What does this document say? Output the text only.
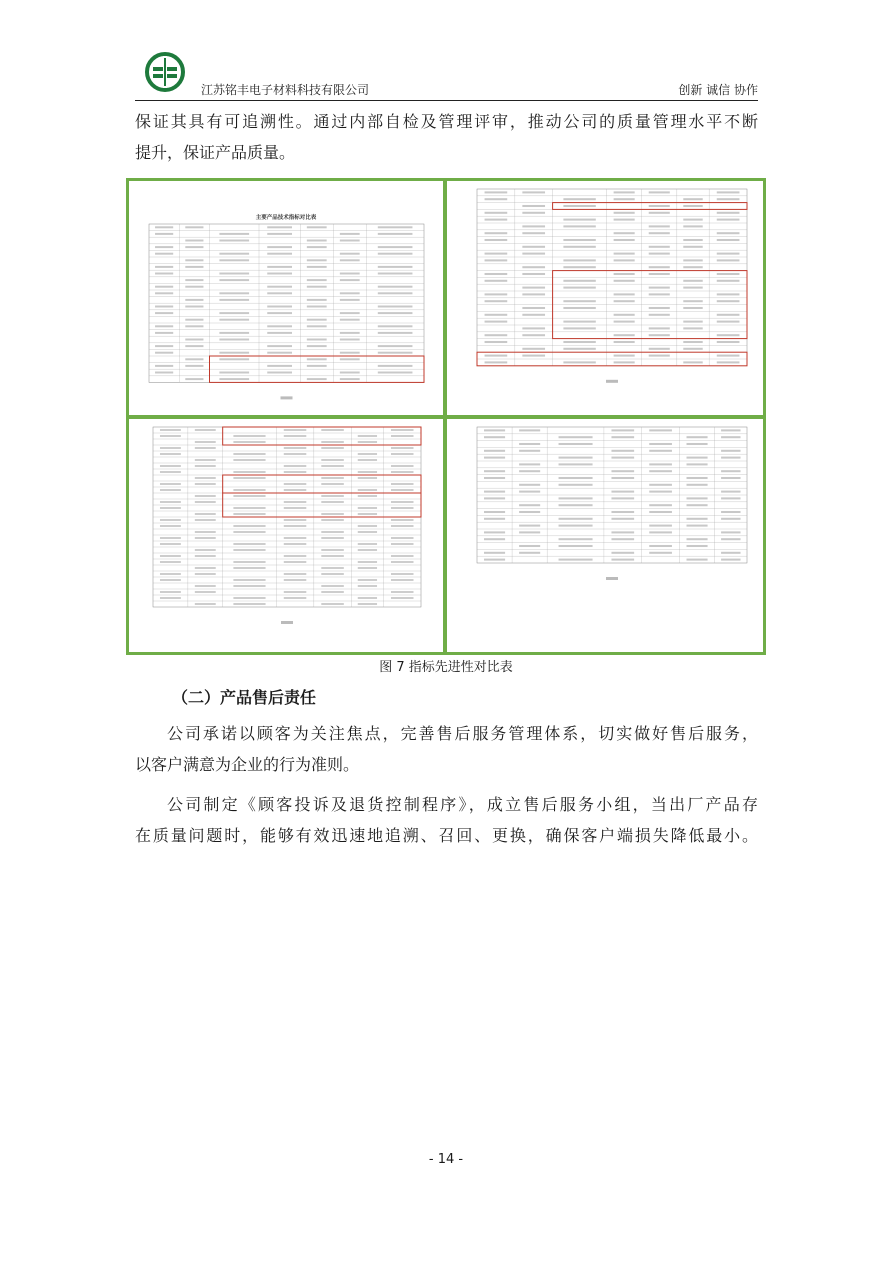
江苏铭丰电子材料科技有限公司	创新 诚信 协作

保证其具有可追溯性。通过内部自检及管理评审，推动公司的质量管理水平不断

提升，保证产品质量。

主要产品技术指标对比表
图 7 指标先进性对比表
（二）产品售后责任

公司承诺以顾客为关注焦点，完善售后服务管理体系，切实做好售后服务，

以客户满意为企业的行为准则。

公司制定《顾客投诉及退货控制程序》，成立售后服务小组，当出厂产品存

在质量问题时，能够有效迅速地追溯、召回、更换，确保客户端损失降低最小。

- 14 -
